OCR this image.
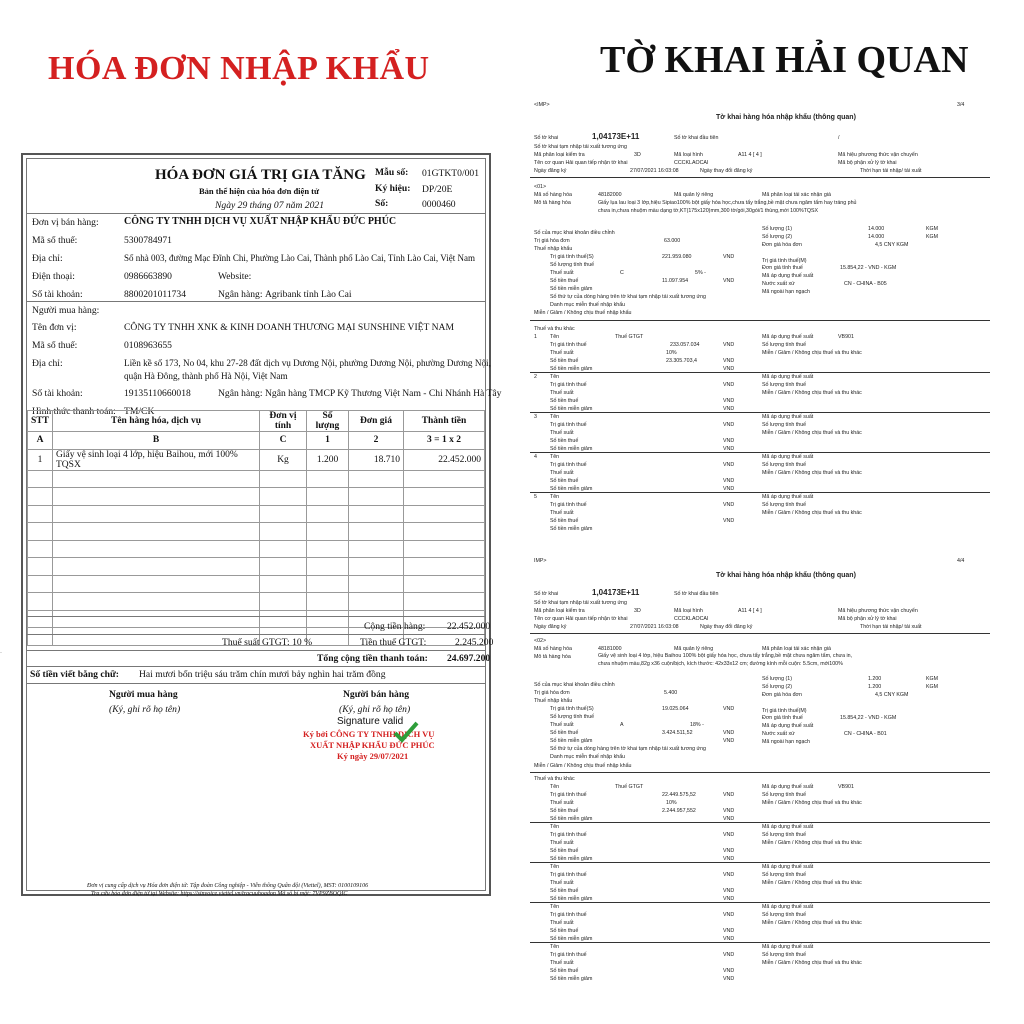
HÓA ĐƠN NHẬP KHẨU	TỜ KHAI HẢI QUAN
·
HÓA ĐƠN GIÁ TRỊ GIA TĂNG
Bản thể hiện của hóa đơn điện tử
Ngày 29 tháng 07 năm 2021
Mẫu số: 01GTKT0/001
Ký hiệu: DP/20E
Số:	0000460
Đơn vị bán hàng:	CÔNG TY TNHH DỊCH VỤ XUẤT NHẬP KHẨU ĐỨC PHÚC
Mã số thuế:	5300784971
Địa chỉ:	Số nhà 003, đường Mạc Đĩnh Chi, Phường Lào Cai, Thành phố Lào Cai, Tỉnh Lào Cai, Việt Nam
Điện thoại:	0986663890	Website:
Số tài khoản:	8800201011734	Ngân hàng: Agribank tỉnh Lào Cai
Người mua hàng:
Tên đơn vị:	CÔNG TY TNHH XNK & KINH DOANH THƯƠNG MẠI SUNSHINE VIỆT NAM
Mã số thuế:	0108963655
Địa chỉ:	Liền kề số 173, No 04, khu 27-28 đất dịch vụ Dương Nội, phường Dương Nội, phường Dương Nội,
quận Hà Đông, thành phố Hà Nội, Việt Nam
Số tài khoản:	19135110660018	Ngân hàng: Ngân hàng TMCP Kỹ Thương Việt Nam - Chi Nhánh Hà Tây
Hình thức thanh toán: TM/CK
STT	Tên hàng hóa, dịch vụ	Đơn vị tính	Số lượng	Đơn giá	Thành tiền
A	B	C	1	2	3 = 1 x 2
1	Giấy vệ sinh loại 4 lớp, hiệu Baihou, mới 100% TQSX	Kg	1.200	18.710	22.452.000

Cộng tiền hàng: 22.452.000
Thuế suất GTGT: 10 %	Tiền thuế GTGT:	2.245.200
Tổng cộng tiền thanh toán: 24.697.200
Số tiền viết bằng chữ: Hai mươi bốn triệu sáu trăm chín mươi bảy nghìn hai trăm đồng
Người mua hàng
(Ký, ghi rõ họ tên)
Người bán hàng
(Ký, ghi rõ họ tên)
Signature valid
Ký bởi CÔNG TY TNHH DỊCH VỤ
XUẤT NHẬP KHẨU ĐỨC PHÚC
Ký ngày 29/07/2021
Đơn vị cung cấp dịch vụ Hóa đơn điện tử: Tập đoàn Công nghiệp - Viễn thông Quân đội (Viettel), MST: 0100109106
Tra cứu hóa đơn điện tử tại Website: https://sinvoice.viettel.vn/tracuuhoadon Mã số bí mật: 7VP9ZBOQIC
<IMP>	3/4
Tờ khai hàng hóa nhập khẩu (thông quan)
Số tờ khai	1,04173E+11	Số tờ khai đầu tiên	/
Số tờ khai tạm nhập tái xuất tương ứng
Mã phân loại kiểm tra	3D	Mã loại hình	A11 4 [ 4 ]	Mã hiệu phương thức vận chuyển
Tên cơ quan Hải quan tiếp nhận tờ khai	CCCKLAOCAI	Mã bộ phận xử lý tờ khai
Ngày đăng ký	27/07/2021 16:03:08	Ngày thay đổi đăng ký	Thời hạn tái nhập/ tái xuất
<01>
Mã số hàng hóa	48182000	Mã quản lý riêng	Mã phân loại tái xác nhận giá
Mô tả hàng hóa	Giấy lụa lau loại 3 lớp,hiệu Sipiao100% bột giấy hóa học,chưa tẩy trắng,bề mặt chưa ngâm tẩm hay tráng phủ
chưa in,chưa nhuộm màu dạng tờ,KT(175x120)mm,300 tờ/gói,30gói/1 thùng,mới 100%TQSX
Số của mục khai khoản điều chỉnh
Số lượng (1)	14.000	KGM
Số lượng (2)	14.000	KGM
Trị giá hóa đơn	63.000
Đơn giá hóa đơn	4,5 CNY KGM
Thuế nhập khẩu
Trị giá tính thuế(S)	221.959.080	VND
Trị giá tính thuế(M)
Số lượng tính thuế	Đơn giá tính thuế	15.854,22 - VND - KGM
Thuế suất	C	5% -	Mã áp dụng thuế suất
Số tiền thuế	11.097.954	VND	Nước xuất xứ	CN - CHINA - B05
Số tiền miễn giảm	Mã ngoài hạn ngạch
Số thứ tự của dòng hàng trên tờ khai tạm nhập tái xuất tương ứng
Danh mục miễn thuế nhập khẩu
Miễn / Giảm / Không chịu thuế nhập khẩu
Thuế và thu khác
1 Tên	Thuế GTGT	Mã áp dụng thuế suất	VB901
Trị giá tính thuế	233.057.034	VND	Số lượng tính thuế
Thuế suất	10%	Miễn / Giảm / Không chịu thuế và thu khác
Số tiền thuế	23.305.703,4	VND
Số tiền miễn giảm	VND
2 Tên	Mã áp dụng thuế suất
Trị giá tính thuế	VND	Số lượng tính thuế
Thuế suất	Miễn / Giảm / Không chịu thuế và thu khác
Số tiền thuế	VND
Số tiền miễn giảm	VND
3 Tên	Mã áp dụng thuế suất
Trị giá tính thuế	VND	Số lượng tính thuế
Thuế suất	Miễn / Giảm / Không chịu thuế và thu khác
Số tiền thuế	VND
Số tiền miễn giảm	VND
4 Tên	Mã áp dụng thuế suất
Trị giá tính thuế	VND	Số lượng tính thuế
Thuế suất	Miễn / Giảm / Không chịu thuế và thu khác
Số tiền thuế	VND
Số tiền miễn giảm	VND
5 Tên	Mã áp dụng thuế suất
Trị giá tính thuế	VND	Số lượng tính thuế
Thuế suất	Miễn / Giảm / Không chịu thuế và thu khác
Số tiền thuế	VND
Số tiền miễn giảm
IMP>	4/4
Tờ khai hàng hóa nhập khẩu (thông quan)
Số tờ khai	1,04173E+11	Số tờ khai đầu tiên
Số tờ khai tạm nhập tái xuất tương ứng
Mã phân loại kiểm tra	3D	Mã loại hình	A11 4 [ 4 ]	Mã hiệu phương thức vận chuyển
Tên cơ quan Hải quan tiếp nhận tờ khai	CCCKLAOCAI	Mã bộ phận xử lý tờ khai
Ngày đăng ký	27/07/2021 16:03:08	Ngày thay đổi đăng ký	Thời hạn tái nhập/ tái xuất
<02>
Mã số hàng hóa	48181000	Mã quản lý riêng	Mã phân loại tái xác nhận giá
Mô tả hàng hóa	Giấy vệ sinh loại 4 lớp, hiệu Baihou 100% bột giấy hóa học, chưa tẩy trắng,bề mặt chưa ngâm tẩm, chưa in,
chưa nhuộm màu,82g x36 cuộn/bịch, kích thước: 42x33x12 cm; đường kính mỗi cuộn: 5.5cm, mới100%
Số của mục khai khoản điều chỉnh
Số lượng (1)	1.200	KGM
Số lượng (2)	1.200	KGM
Trị giá hóa đơn	5.400	Đơn giá hóa đơn	4,5 CNY KGM
Thuế nhập khẩu
Trị giá tính thuế(S)	19.025.064	VND	Trị giá tính thuế(M)
Số lượng tính thuế	Đơn giá tính thuế	15.854,22 - VND - KGM
Thuế suất	A	18% -	Mã áp dụng thuế suất
Số tiền thuế	3.424.511,52	VND	Nước xuất xứ	CN - CHINA - B01
Số tiền miễn giảm	VND	Mã ngoài hạn ngạch
Số thứ tự của dòng hàng trên tờ khai tạm nhập tái xuất tương ứng
Danh mục miễn thuế nhập khẩu
Miễn / Giảm / Không chịu thuế nhập khẩu
Thuế và thu khác
Tên	Thuế GTGT	Mã áp dụng thuế suất	VB901
Trị giá tính thuế	22.449.575,52	VND	Số lượng tính thuế
Thuế suất	10%	Miễn / Giảm / Không chịu thuế và thu khác
Số tiền thuế	2.244.957,552	VND
Số tiền miễn giảm	VND
Tên	Mã áp dụng thuế suất
Trị giá tính thuế	VND	Số lượng tính thuế
Thuế suất	Miễn / Giảm / Không chịu thuế và thu khác
Số tiền thuế	VND
Số tiền miễn giảm	VND
Tên	Mã áp dụng thuế suất
Trị giá tính thuế	VND	Số lượng tính thuế
Thuế suất	Miễn / Giảm / Không chịu thuế và thu khác
Số tiền thuế	VND
Số tiền miễn giảm	VND
Tên	Mã áp dụng thuế suất
Trị giá tính thuế	VND	Số lượng tính thuế
Thuế suất	Miễn / Giảm / Không chịu thuế và thu khác
Số tiền thuế	VND
Số tiền miễn giảm	VND
Tên	Mã áp dụng thuế suất
Trị giá tính thuế	VND	Số lượng tính thuế
Thuế suất	Miễn / Giảm / Không chịu thuế và thu khác
Số tiền thuế	VND
Số tiền miễn giảm	VND
